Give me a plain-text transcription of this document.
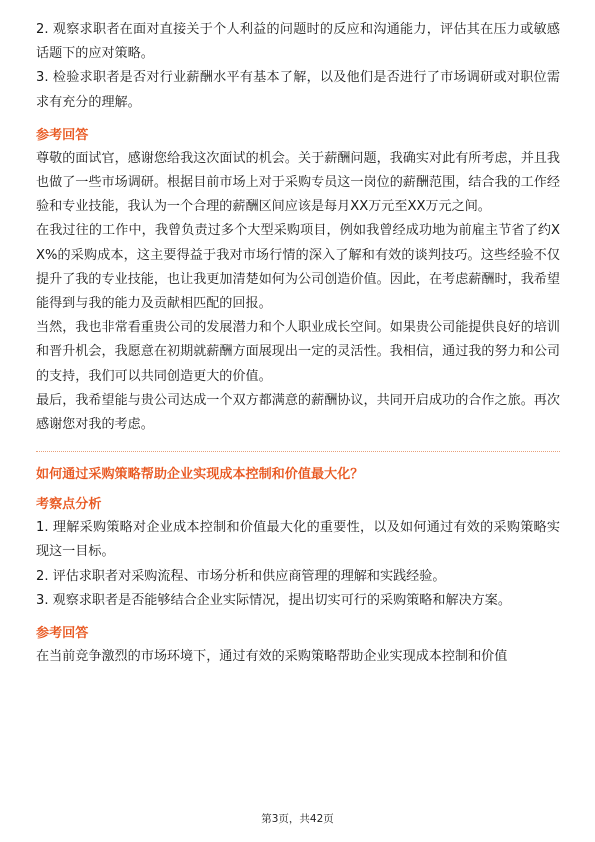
2. 观察求职者在面对直接关于个人利益的问题时的反应和沟通能力，评估其在压力或敏感话题下的应对策略。

3. 检验求职者是否对行业薪酬水平有基本了解，以及他们是否进行了市场调研或对职位需求有充分的理解。

参考回答

尊敬的面试官，感谢您给我这次面试的机会。关于薪酬问题，我确实对此有所考虑，并且我也做了一些市场调研。根据目前市场上对于采购专员这一岗位的薪酬范围，结合我的工作经验和专业技能，我认为一个合理的薪酬区间应该是每月XX万元至XX万元之间。

在我过往的工作中，我曾负责过多个大型采购项目，例如我曾经成功地为前雇主节省了约XX%的采购成本，这主要得益于我对市场行情的深入了解和有效的谈判技巧。这些经验不仅提升了我的专业技能，也让我更加清楚如何为公司创造价值。因此，在考虑薪酬时，我希望能得到与我的能力及贡献相匹配的回报。

当然，我也非常看重贵公司的发展潜力和个人职业成长空间。如果贵公司能提供良好的培训和晋升机会，我愿意在初期就薪酬方面展现出一定的灵活性。我相信，通过我的努力和公司的支持，我们可以共同创造更大的价值。

最后，我希望能与贵公司达成一个双方都满意的薪酬协议，共同开启成功的合作之旅。再次感谢您对我的考虑。

如何通过采购策略帮助企业实现成本控制和价值最大化？
考察点分析

1. 理解采购策略对企业成本控制和价值最大化的重要性，以及如何通过有效的采购策略实现这一目标。

2. 评估求职者对采购流程、市场分析和供应商管理的理解和实践经验。

3. 观察求职者是否能够结合企业实际情况，提出切实可行的采购策略和解决方案。

参考回答

在当前竞争激烈的市场环境下，通过有效的采购策略帮助企业实现成本控制和价值

第3页，共42页
